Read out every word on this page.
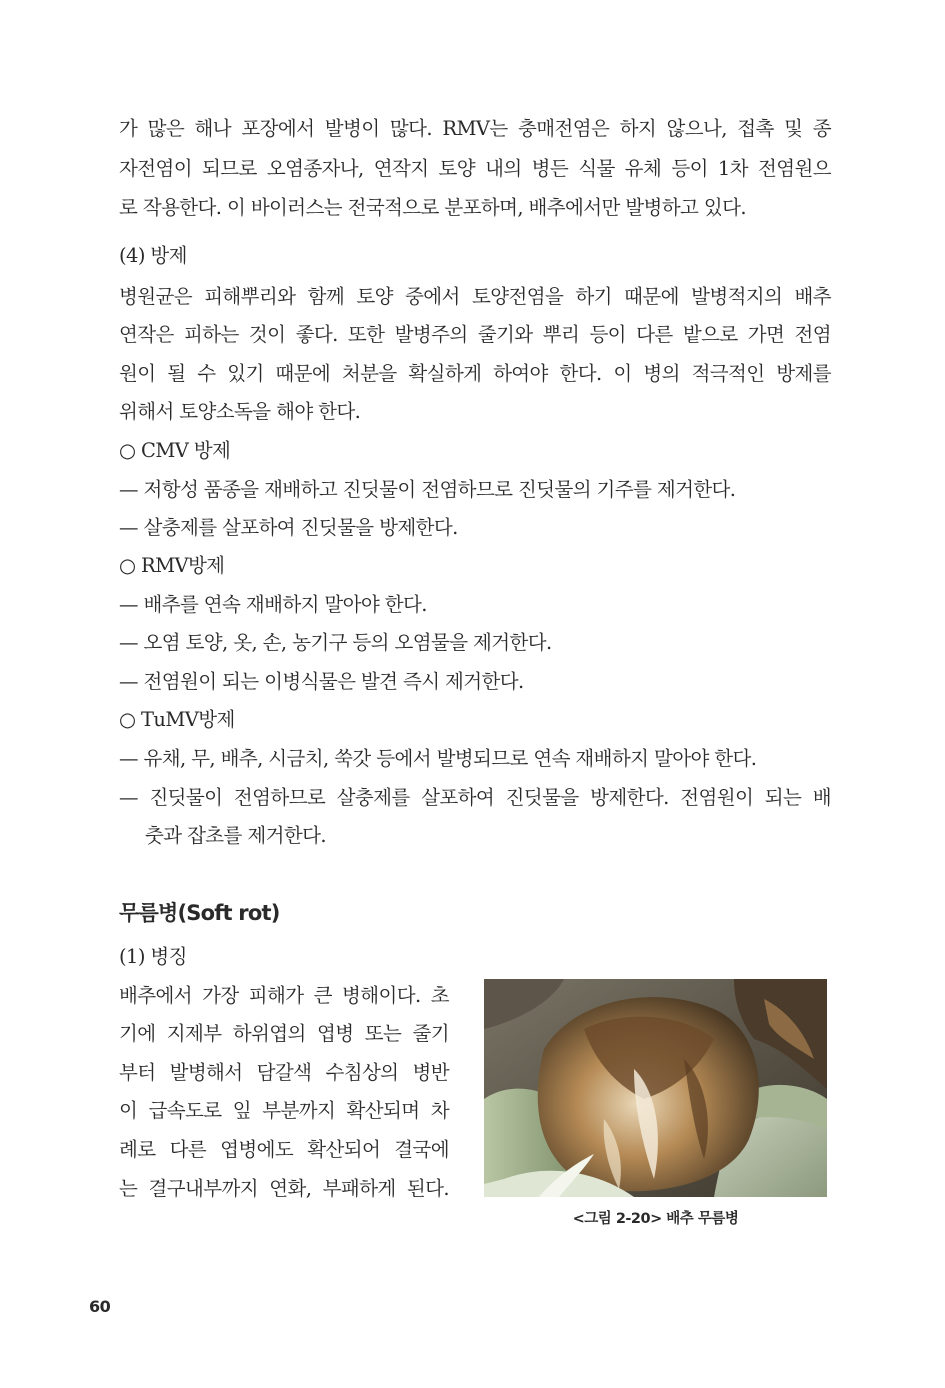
가 많은 해나 포장에서 발병이 많다. RMV는 충매전염은 하지 않으나, 접촉 및 종
자전염이 되므로 오염종자나, 연작지 토양 내의 병든 식물 유체 등이 1차 전염원으
로 작용한다. 이 바이러스는 전국적으로 분포하며, 배추에서만 발병하고 있다.
(4) 방제
병원균은 피해뿌리와 함께 토양 중에서 토양전염을 하기 때문에 발병적지의 배추
연작은 피하는 것이 좋다. 또한 발병주의 줄기와 뿌리 등이 다른 밭으로 가면 전염
원이 될 수 있기 때문에 처분을 확실하게 하여야 한다. 이 병의 적극적인 방제를
위해서 토양소독을 해야 한다.
○ CMV 방제
— 저항성 품종을 재배하고 진딧물이 전염하므로 진딧물의 기주를 제거한다.
— 살충제를 살포하여 진딧물을 방제한다.
○ RMV방제
— 배추를 연속 재배하지 말아야 한다.
— 오염 토양, 옷, 손, 농기구 등의 오염물을 제거한다.
— 전염원이 되는 이병식물은 발견 즉시 제거한다.
○ TuMV방제
— 유채, 무, 배추, 시금치, 쑥갓 등에서 발병되므로 연속 재배하지 말아야 한다.
— 진딧물이 전염하므로 살충제를 살포하여 진딧물을 방제한다. 전염원이 되는 배
춧과 잡초를 제거한다.
무름병(Soft rot)
(1) 병징
배추에서 가장 피해가 큰 병해이다. 초
기에 지제부 하위엽의 엽병 또는 줄기
부터 발병해서 담갈색 수침상의 병반
이 급속도로 잎 부분까지 확산되며 차
례로 다른 엽병에도 확산되어 결국에
는 결구내부까지 연화, 부패하게 된다.
<그림 2-20> 배추 무름병
60
